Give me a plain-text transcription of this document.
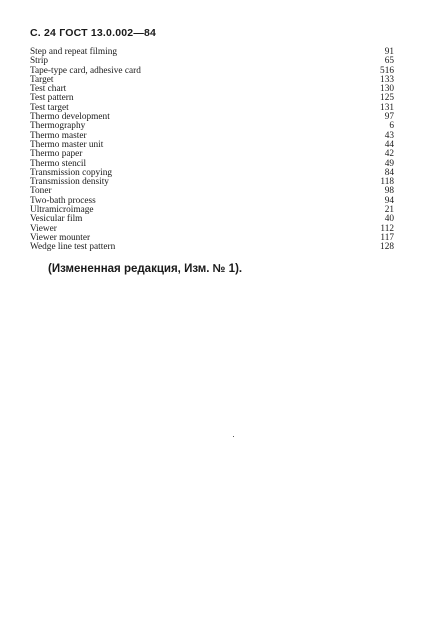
С. 24 ГОСТ 13.0.002—84
Step and repeat filming	91
Strip	65
Tape-type card, adhesive card	516
Target	133
Test chart	130
Test pattern	125
Test target	131
Thermo development	97
Thermography	6
Thermo master	43
Thermo master unit	44
Thermo paper	42
Thermo stencil	49
Transmission copying	84
Transmission density	118
Toner	98
Two-bath process	94
Ultramicroimage	21
Vesicular film	40
Viewer	112
Viewer mounter	117
Wedge line test pattern	128
(Измененная редакция, Изм. № 1).
